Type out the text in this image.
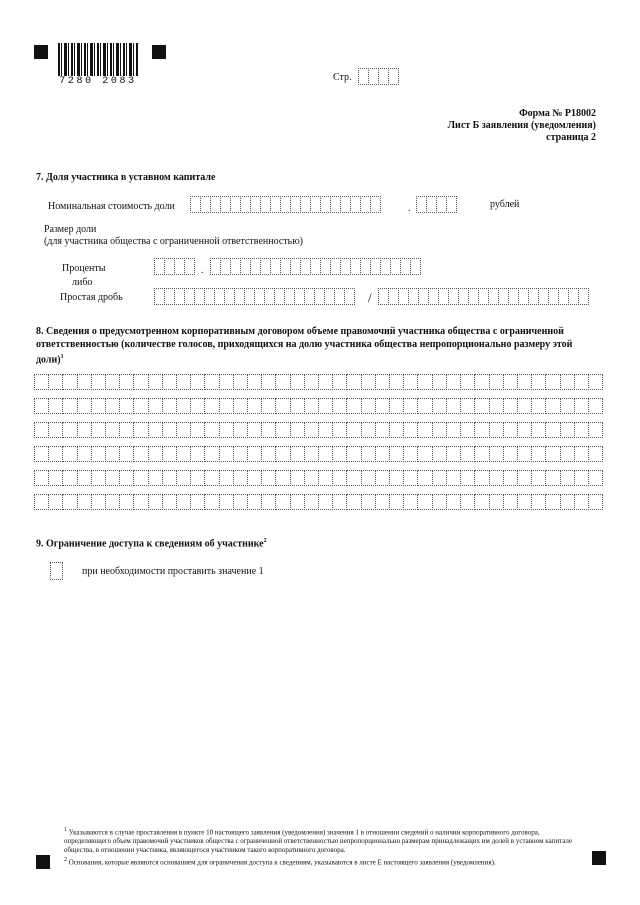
7280 2083	Стр.
Форма № Р18002
Лист Б заявления (уведомления)
страница 2
7. Доля участника в уставном капитале
Номинальная стоимость доли	.	рублей
Размер доли
(для участника общества с ограниченной ответственностью)
Проценты	.
либо
Простая дробь	/
8. Сведения о предусмотренном корпоративным договором объеме правомочий участника общества с ограниченной ответственностью (количестве голосов, приходящихся на долю участника общества непропорционально размеру этой доли)$^1$
9. Ограничение доступа к сведениям об участнике$^2$
при необходимости проставить значение 1
$^1$ Указываются в случае проставления в пункте 10 настоящего заявления (уведомления) значения 1 в отношении сведений о наличии корпоративного договора, определяющего объем правомочий участников общества с ограниченной ответственностью непропорционально размерам принадлежащих им долей в уставном капитале общества, в отношении участника, являющегося участником такого корпоративного договора.
$^2$ Основания, которые являются основанием для ограничения доступа к сведениям, указываются в листе Е настоящего заявления (уведомления).
